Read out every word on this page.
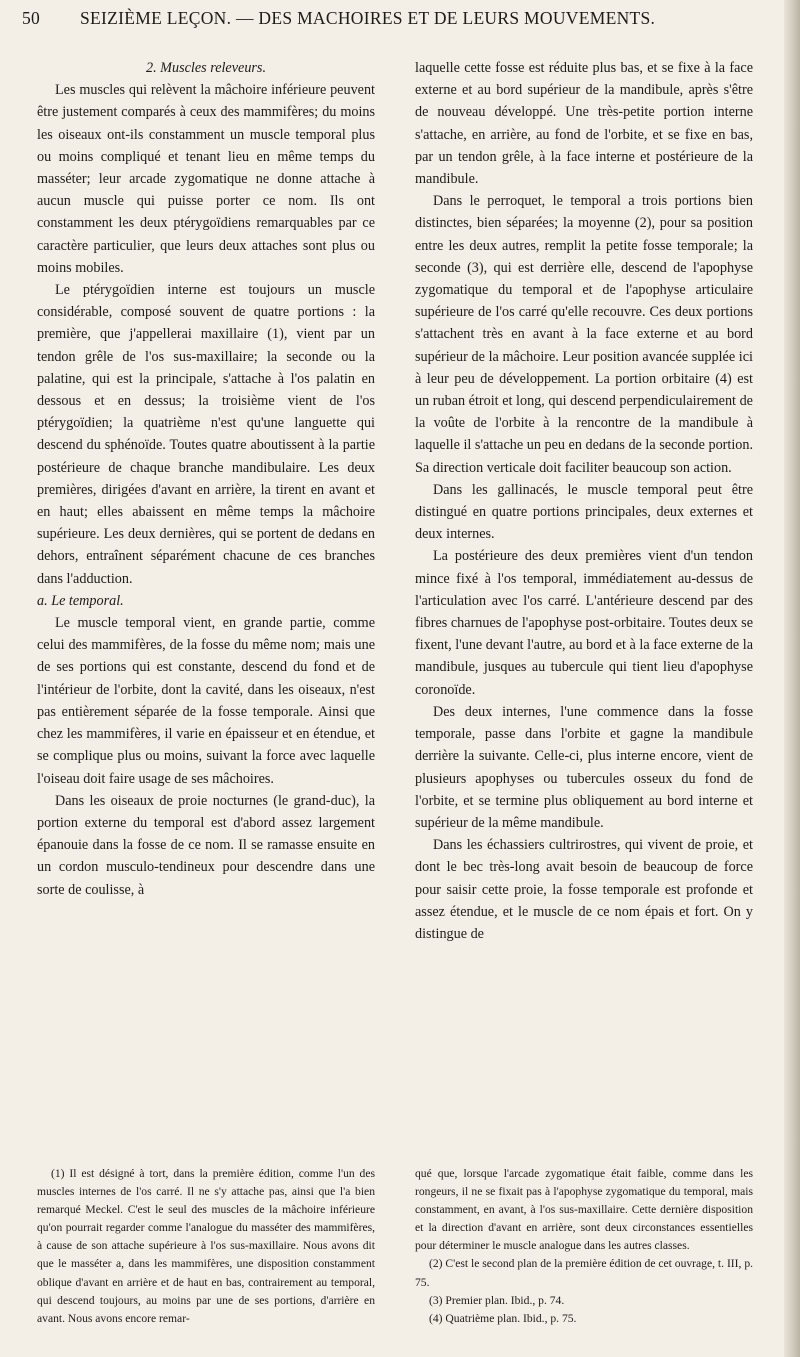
50 SEIZIÈME LEÇON. — DES MACHOIRES ET DE LEURS MOUVEMENTS.

2. Muscles releveurs.

Les muscles qui relèvent la mâchoire inférieure peuvent être justement comparés à ceux des mammifères; du moins les oiseaux ont-ils constamment un muscle temporal plus ou moins compliqué et tenant lieu en même temps du masséter; leur arcade zygomatique ne donne attache à aucun muscle qui puisse porter ce nom. Ils ont constamment les deux ptérygoïdiens remarquables par ce caractère particulier, que leurs deux attaches sont plus ou moins mobiles.

Le ptérygoïdien interne est toujours un muscle considérable, composé souvent de quatre portions : la première, que j'appellerai maxillaire (1), vient par un tendon grêle de l'os sus-maxillaire; la seconde ou la palatine, qui est la principale, s'attache à l'os palatin en dessous et en dessus; la troisième vient de l'os ptérygoïdien; la quatrième n'est qu'une languette qui descend du sphénoïde. Toutes quatre aboutissent à la partie postérieure de chaque branche mandibulaire. Les deux premières, dirigées d'avant en arrière, la tirent en avant et en haut; elles abaissent en même temps la mâchoire supérieure. Les deux dernières, qui se portent de dedans en dehors, entraînent séparément chacune de ces branches dans l'adduction.

a. Le temporal.

Le muscle temporal vient, en grande partie, comme celui des mammifères, de la fosse du même nom; mais une de ses portions qui est constante, descend du fond et de l'intérieur de l'orbite, dont la cavité, dans les oiseaux, n'est pas entièrement séparée de la fosse temporale. Ainsi que chez les mammifères, il varie en épaisseur et en étendue, et se complique plus ou moins, suivant la force avec laquelle l'oiseau doit faire usage de ses mâchoires.

Dans les oiseaux de proie nocturnes (le grand-duc), la portion externe du temporal est d'abord assez largement épanouie dans la fosse de ce nom. Il se ramasse ensuite en un cordon musculo-tendineux pour descendre dans une sorte de coulisse, à

laquelle cette fosse est réduite plus bas, et se fixe à la face externe et au bord supérieur de la mandibule, après s'être de nouveau développé. Une très-petite portion interne s'attache, en arrière, au fond de l'orbite, et se fixe en bas, par un tendon grêle, à la face interne et postérieure de la mandibule.

Dans le perroquet, le temporal a trois portions bien distinctes, bien séparées; la moyenne (2), pour sa position entre les deux autres, remplit la petite fosse temporale; la seconde (3), qui est derrière elle, descend de l'apophyse zygomatique du temporal et de l'apophyse articulaire supérieure de l'os carré qu'elle recouvre. Ces deux portions s'attachent très en avant à la face externe et au bord supérieur de la mâchoire. Leur position avancée supplée ici à leur peu de développement. La portion orbitaire (4) est un ruban étroit et long, qui descend perpendiculairement de la voûte de l'orbite à la rencontre de la mandibule à laquelle il s'attache un peu en dedans de la seconde portion. Sa direction verticale doit faciliter beaucoup son action.

Dans les gallinacés, le muscle temporal peut être distingué en quatre portions principales, deux externes et deux internes.

La postérieure des deux premières vient d'un tendon mince fixé à l'os temporal, immédiatement au-dessus de l'articulation avec l'os carré. L'antérieure descend par des fibres charnues de l'apophyse post-orbitaire. Toutes deux se fixent, l'une devant l'autre, au bord et à la face externe de la mandibule, jusques au tubercule qui tient lieu d'apophyse coronoïde.

Des deux internes, l'une commence dans la fosse temporale, passe dans l'orbite et gagne la mandibule derrière la suivante. Celle-ci, plus interne encore, vient de plusieurs apophyses ou tubercules osseux du fond de l'orbite, et se termine plus obliquement au bord interne et supérieur de la même mandibule.

Dans les échassiers cultrirostres, qui vivent de proie, et dont le bec très-long avait besoin de beaucoup de force pour saisir cette proie, la fosse temporale est profonde et assez étendue, et le muscle de ce nom épais et fort. On y distingue de

(1) Il est désigné à tort, dans la première édition, comme l'un des muscles internes de l'os carré. Il ne s'y attache pas, ainsi que l'a bien remarqué Meckel. C'est le seul des muscles de la mâchoire inférieure qu'on pourrait regarder comme l'analogue du masséter des mammifères, à cause de son attache supérieure à l'os sus-maxillaire. Nous avons dit que le masséter a, dans les mammifères, une disposition constamment oblique d'avant en arrière et de haut en bas, contrairement au temporal, qui descend toujours, au moins par une de ses portions, d'arrière en avant. Nous avons encore remar-

qué que, lorsque l'arcade zygomatique était faible, comme dans les rongeurs, il ne se fixait pas à l'apophyse zygomatique du temporal, mais constamment, en avant, à l'os sus-maxillaire. Cette dernière disposition et la direction d'avant en arrière, sont deux circonstances essentielles pour déterminer le muscle analogue dans les autres classes.

(2) C'est le second plan de la première édition de cet ouvrage, t. III, p. 75.

(3) Premier plan. Ibid., p. 74.

(4) Quatrième plan. Ibid., p. 75.
